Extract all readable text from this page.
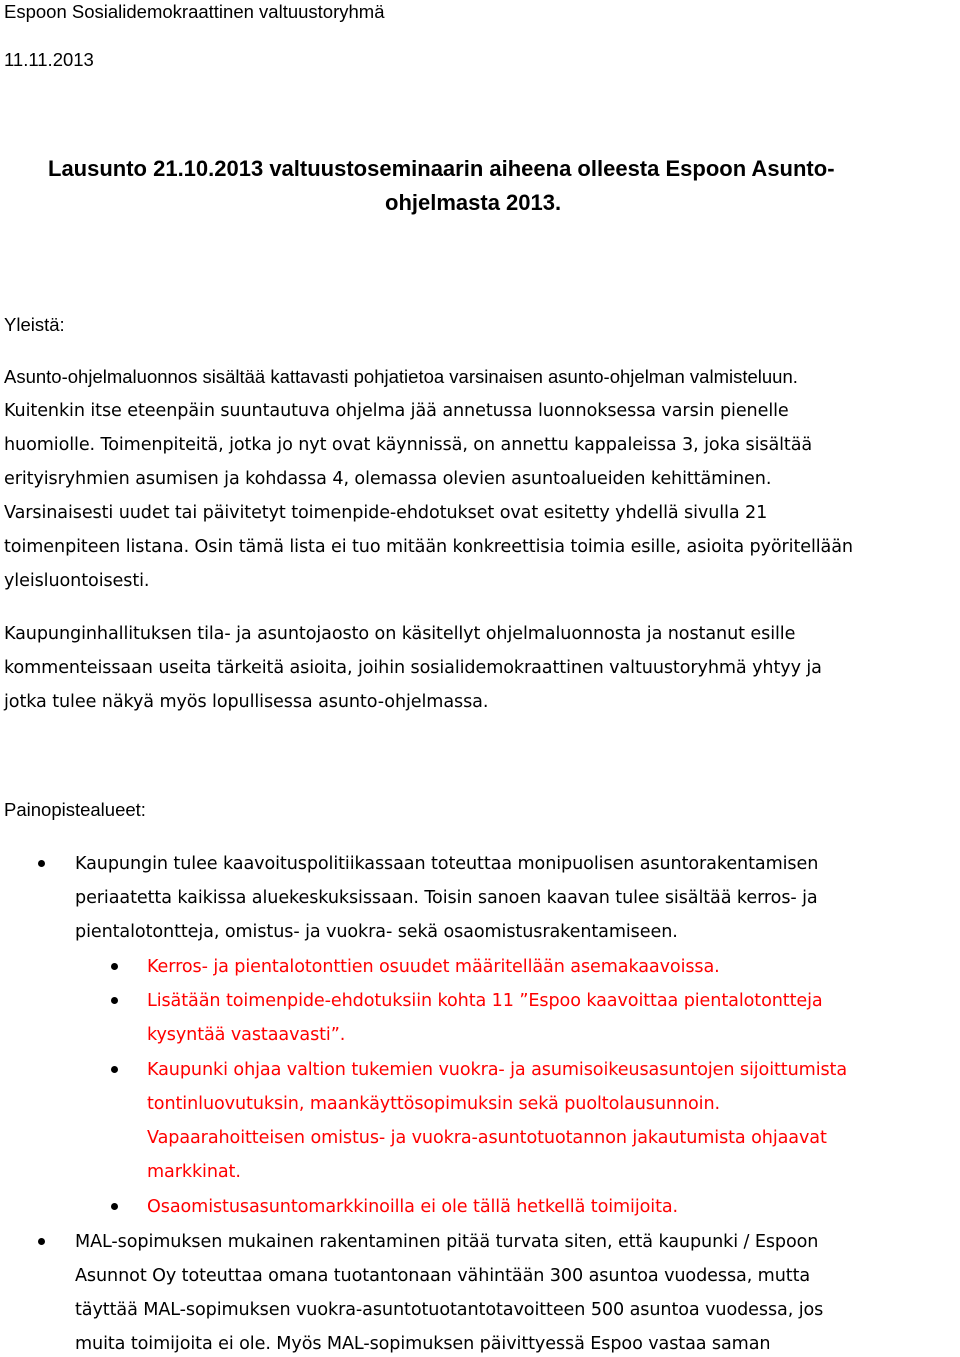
Espoon Sosialidemokraattinen valtuustoryhmä
11.11.2013
Lausunto 21.10.2013 valtuustoseminaarin aiheena olleesta Espoon Asunto-
ohjelmasta 2013.
Yleistä:
Asunto-ohjelmaluonnos sisältää kattavasti pohjatietoa varsinaisen asunto-ohjelman valmisteluun.
Kuitenkin itse eteenpäin suuntautuva ohjelma jää annetussa luonnoksessa varsin pienelle
huomiolle. Toimenpiteitä, jotka jo nyt ovat käynnissä, on annettu kappaleissa 3, joka sisältää
erityisryhmien asumisen ja kohdassa 4, olemassa olevien asuntoalueiden kehittäminen.
Varsinaisesti uudet tai päivitetyt toimenpide-ehdotukset ovat esitetty yhdellä sivulla 21
toimenpiteen listana. Osin tämä lista ei tuo mitään konkreettisia toimia esille, asioita pyöritellään
yleisluontoisesti.
Kaupunginhallituksen tila- ja asuntojaosto on käsitellyt ohjelmaluonnosta ja nostanut esille
kommenteissaan useita tärkeitä asioita, joihin sosialidemokraattinen valtuustoryhmä yhtyy ja
jotka tulee näkyä myös lopullisessa asunto-ohjelmassa.
Painopistealueet:
Kaupungin tulee kaavoituspolitiikassaan toteuttaa monipuolisen asuntorakentamisen
periaatetta kaikissa aluekeskuksissaan. Toisin sanoen kaavan tulee sisältää kerros- ja
pientalotontteja, omistus- ja vuokra- sekä osaomistusrakentamiseen.
Kerros- ja pientalotonttien osuudet määritellään asemakaavoissa.
Lisätään toimenpide-ehdotuksiin kohta 11 ”Espoo kaavoittaa pientalotontteja
kysyntää vastaavasti”.
Kaupunki ohjaa valtion tukemien vuokra- ja asumisoikeusasuntojen sijoittumista
tontinluovutuksin, maankäyttösopimuksin sekä puoltolausunnoin.
Vapaarahoitteisen omistus- ja vuokra-asuntotuotannon jakautumista ohjaavat
markkinat.
Osaomistusasuntomarkkinoilla ei ole tällä hetkellä toimijoita.
MAL-sopimuksen mukainen rakentaminen pitää turvata siten, että kaupunki / Espoon
Asunnot Oy toteuttaa omana tuotantonaan vähintään 300 asuntoa vuodessa, mutta
täyttää MAL-sopimuksen vuokra-asuntotuotantotavoitteen 500 asuntoa vuodessa, jos
muita toimijoita ei ole. Myös MAL-sopimuksen päivittyessä Espoo vastaa saman
